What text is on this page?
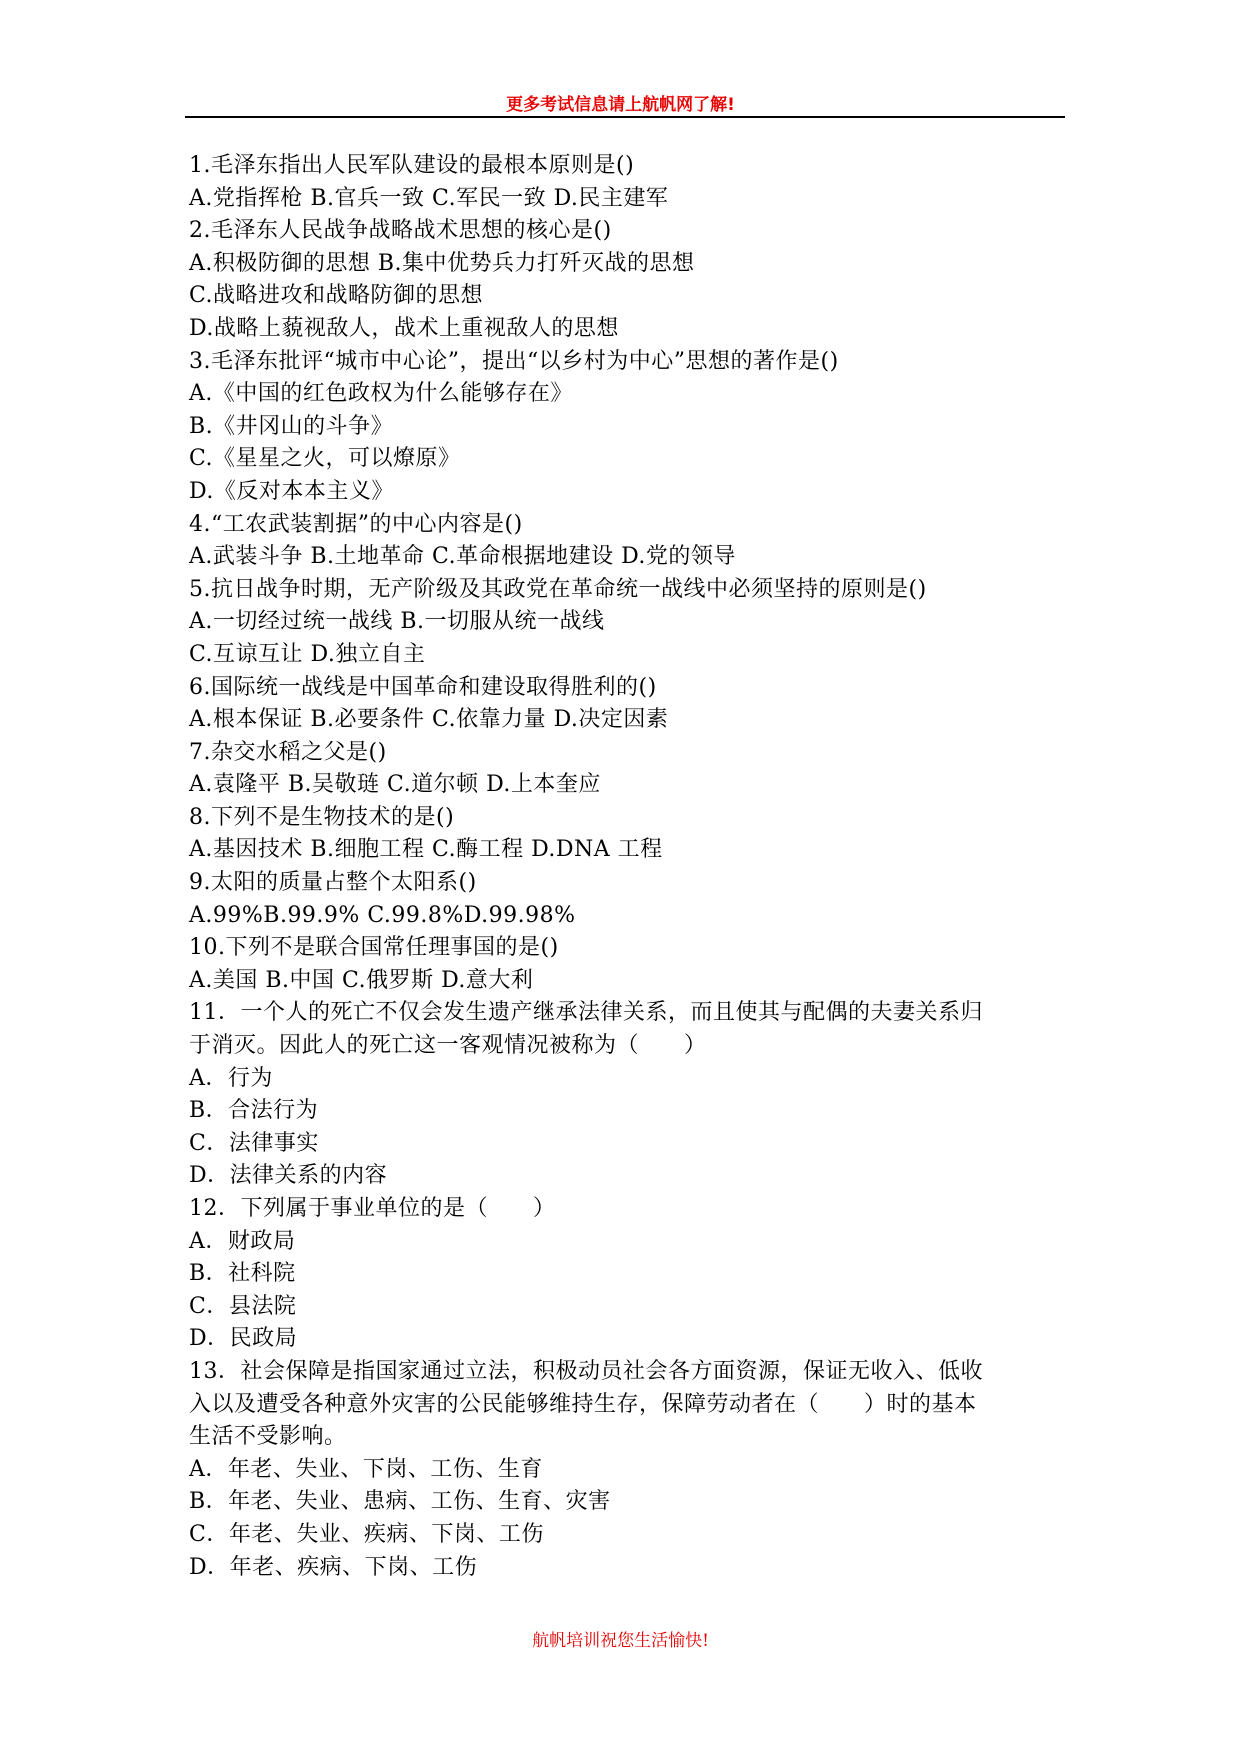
更多考试信息请上航帆网了解!
1.毛泽东指出人民军队建设的最根本原则是()
A.党指挥枪 B.官兵一致 C.军民一致 D.民主建军
2.毛泽东人民战争战略战术思想的核心是()
A.积极防御的思想 B.集中优势兵力打歼灭战的思想
C.战略进攻和战略防御的思想
D.战略上藐视敌人，战术上重视敌人的思想
3.毛泽东批评“城市中心论”，提出“以乡村为中心”思想的著作是()
A.《中国的红色政权为什么能够存在》
B.《井冈山的斗争》
C.《星星之火，可以燎原》
D.《反对本本主义》
4.“工农武装割据”的中心内容是()
A.武装斗争 B.土地革命 C.革命根据地建设 D.党的领导
5.抗日战争时期，无产阶级及其政党在革命统一战线中必须坚持的原则是()
A.一切经过统一战线 B.一切服从统一战线
C.互谅互让 D.独立自主
6.国际统一战线是中国革命和建设取得胜利的()
A.根本保证 B.必要条件 C.依靠力量 D.决定因素
7.杂交水稻之父是()
A.袁隆平 B.吴敬琏 C.道尔顿 D.上本奎应
8.下列不是生物技术的是()
A.基因技术 B.细胞工程 C.酶工程 D.DNA 工程
9.太阳的质量占整个太阳系()
A.99%B.99.9% C.99.8%D.99.98%
10.下列不是联合国常任理事国的是()
A.美国 B.中国 C.俄罗斯 D.意大利
11．一个人的死亡不仅会发生遗产继承法律关系，而且使其与配偶的夫妻关系归
于消灭。因此人的死亡这一客观情况被称为（　　）
A．行为
B．合法行为
C．法律事实
D．法律关系的内容
12．下列属于事业单位的是（　　）
A．财政局
B．社科院
C．县法院
D．民政局
13．社会保障是指国家通过立法，积极动员社会各方面资源，保证无收入、低收
入以及遭受各种意外灾害的公民能够维持生存，保障劳动者在（　　）时的基本
生活不受影响。
A．年老、失业、下岗、工伤、生育
B．年老、失业、患病、工伤、生育、灾害
C．年老、失业、疾病、下岗、工伤
D．年老、疾病、下岗、工伤
航帆培训祝您生活愉快!
